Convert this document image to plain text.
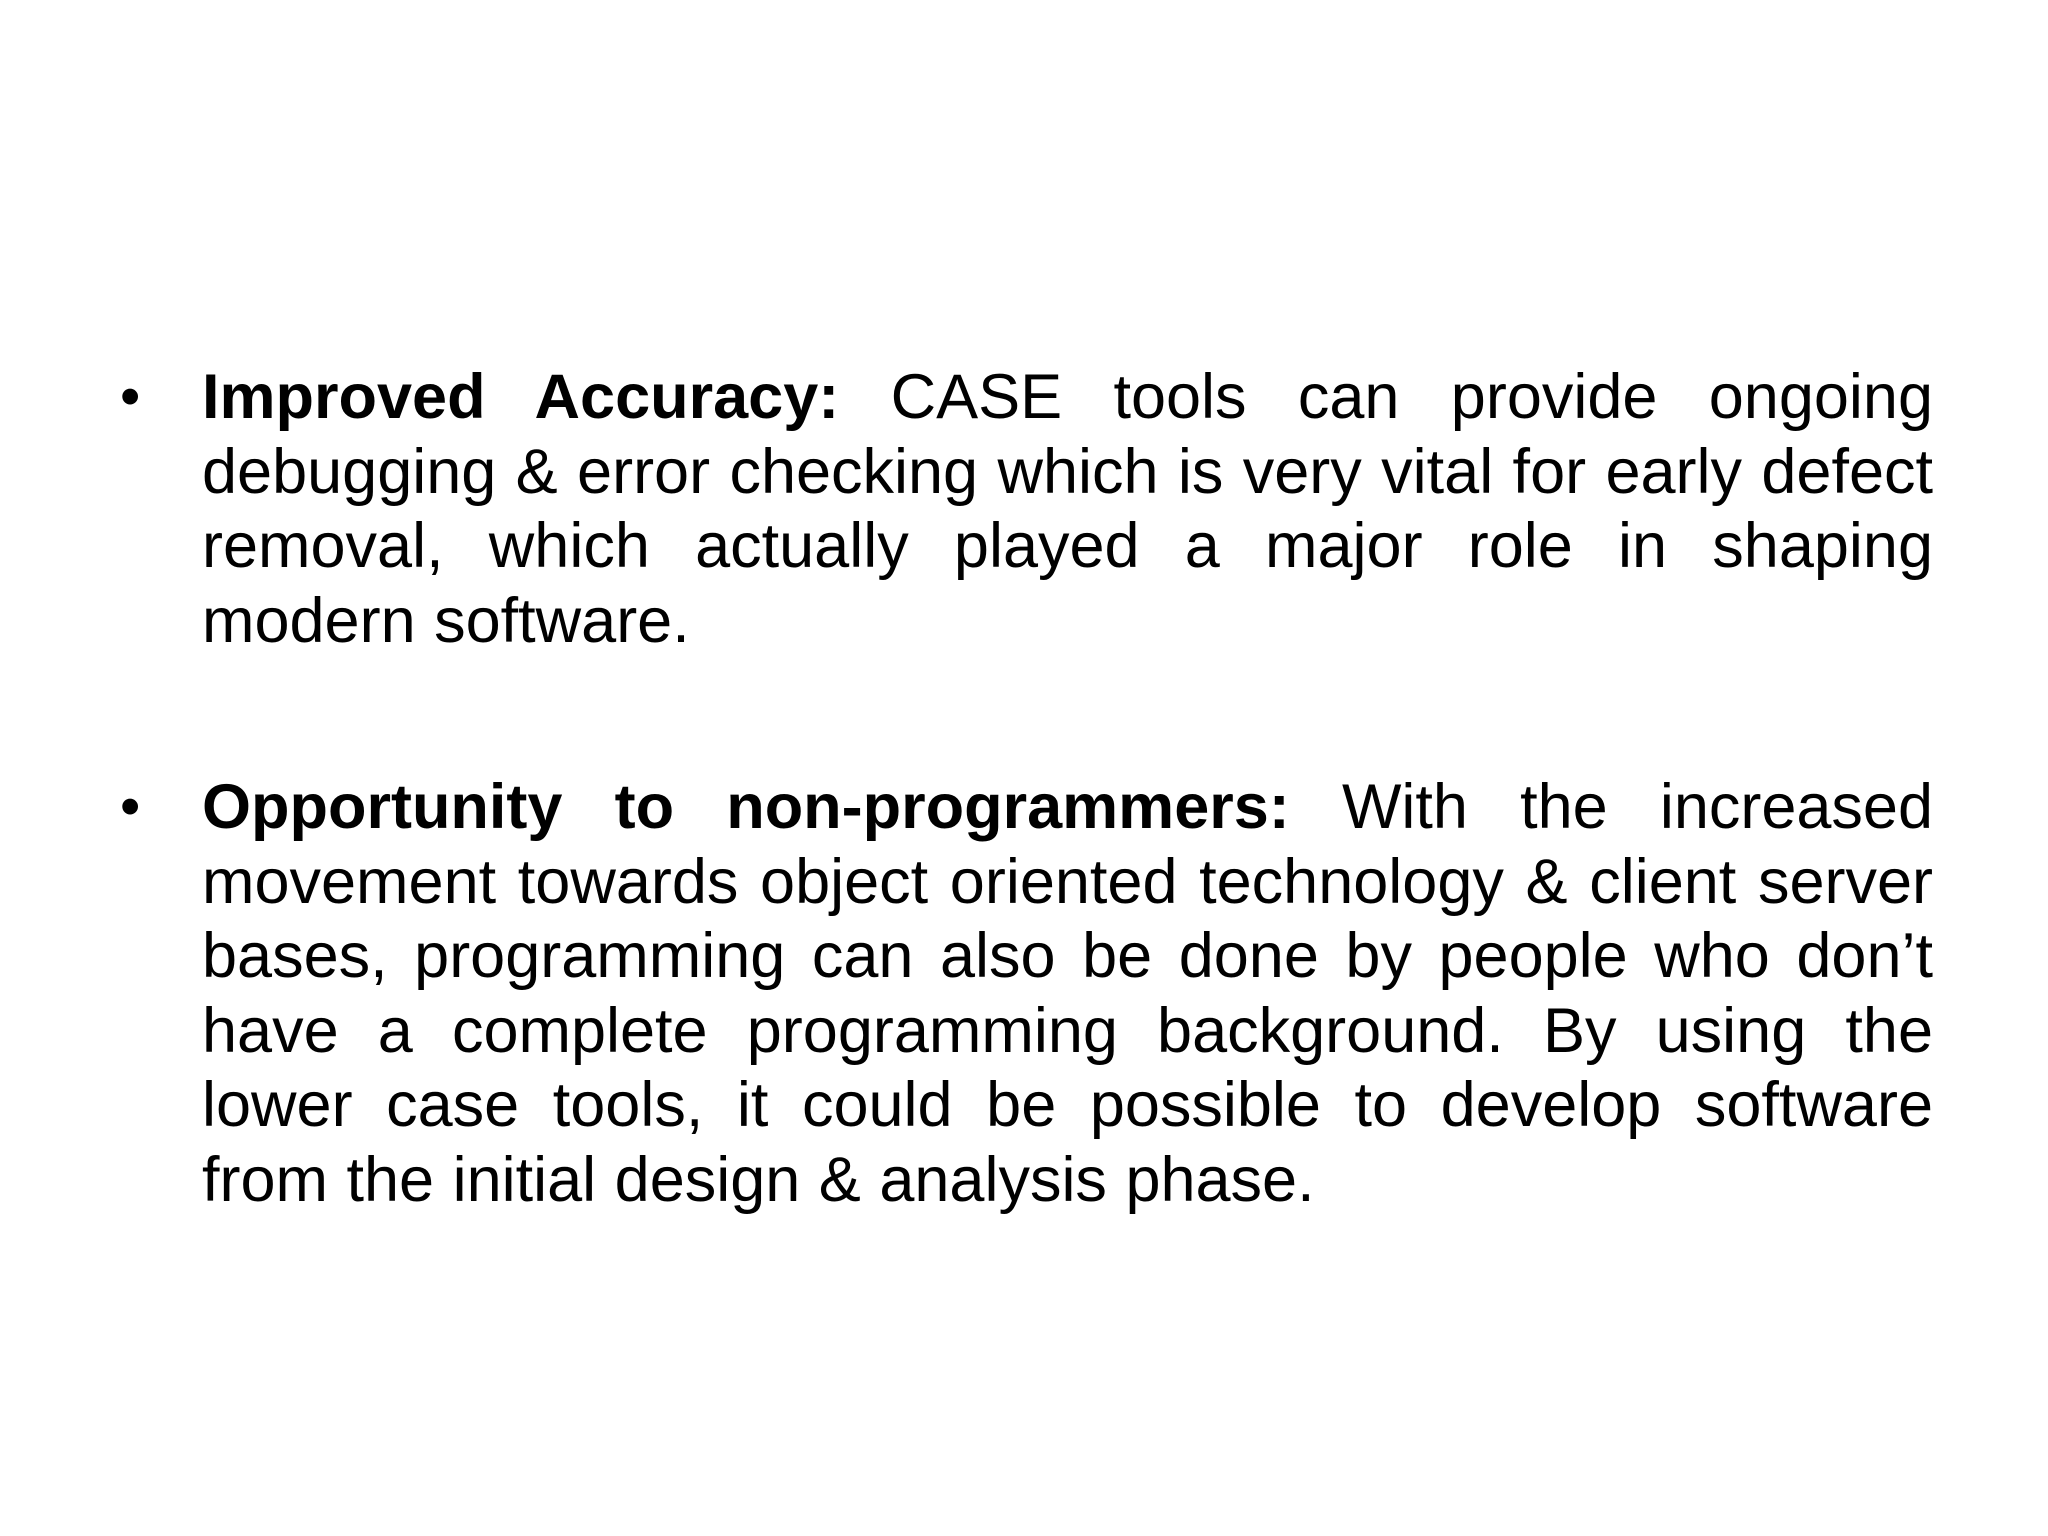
• Improved Accuracy: CASE tools can provide ongoing debugging & error checking which is very vital for early defect removal, which actually played a major role in shaping modern software.
• Opportunity to non-programmers: With the increased movement towards object oriented technology & client server bases, programming can also be done by people who don’t have a complete programming background. By using the lower case tools, it could be possible to develop software from the initial design & analysis phase.
